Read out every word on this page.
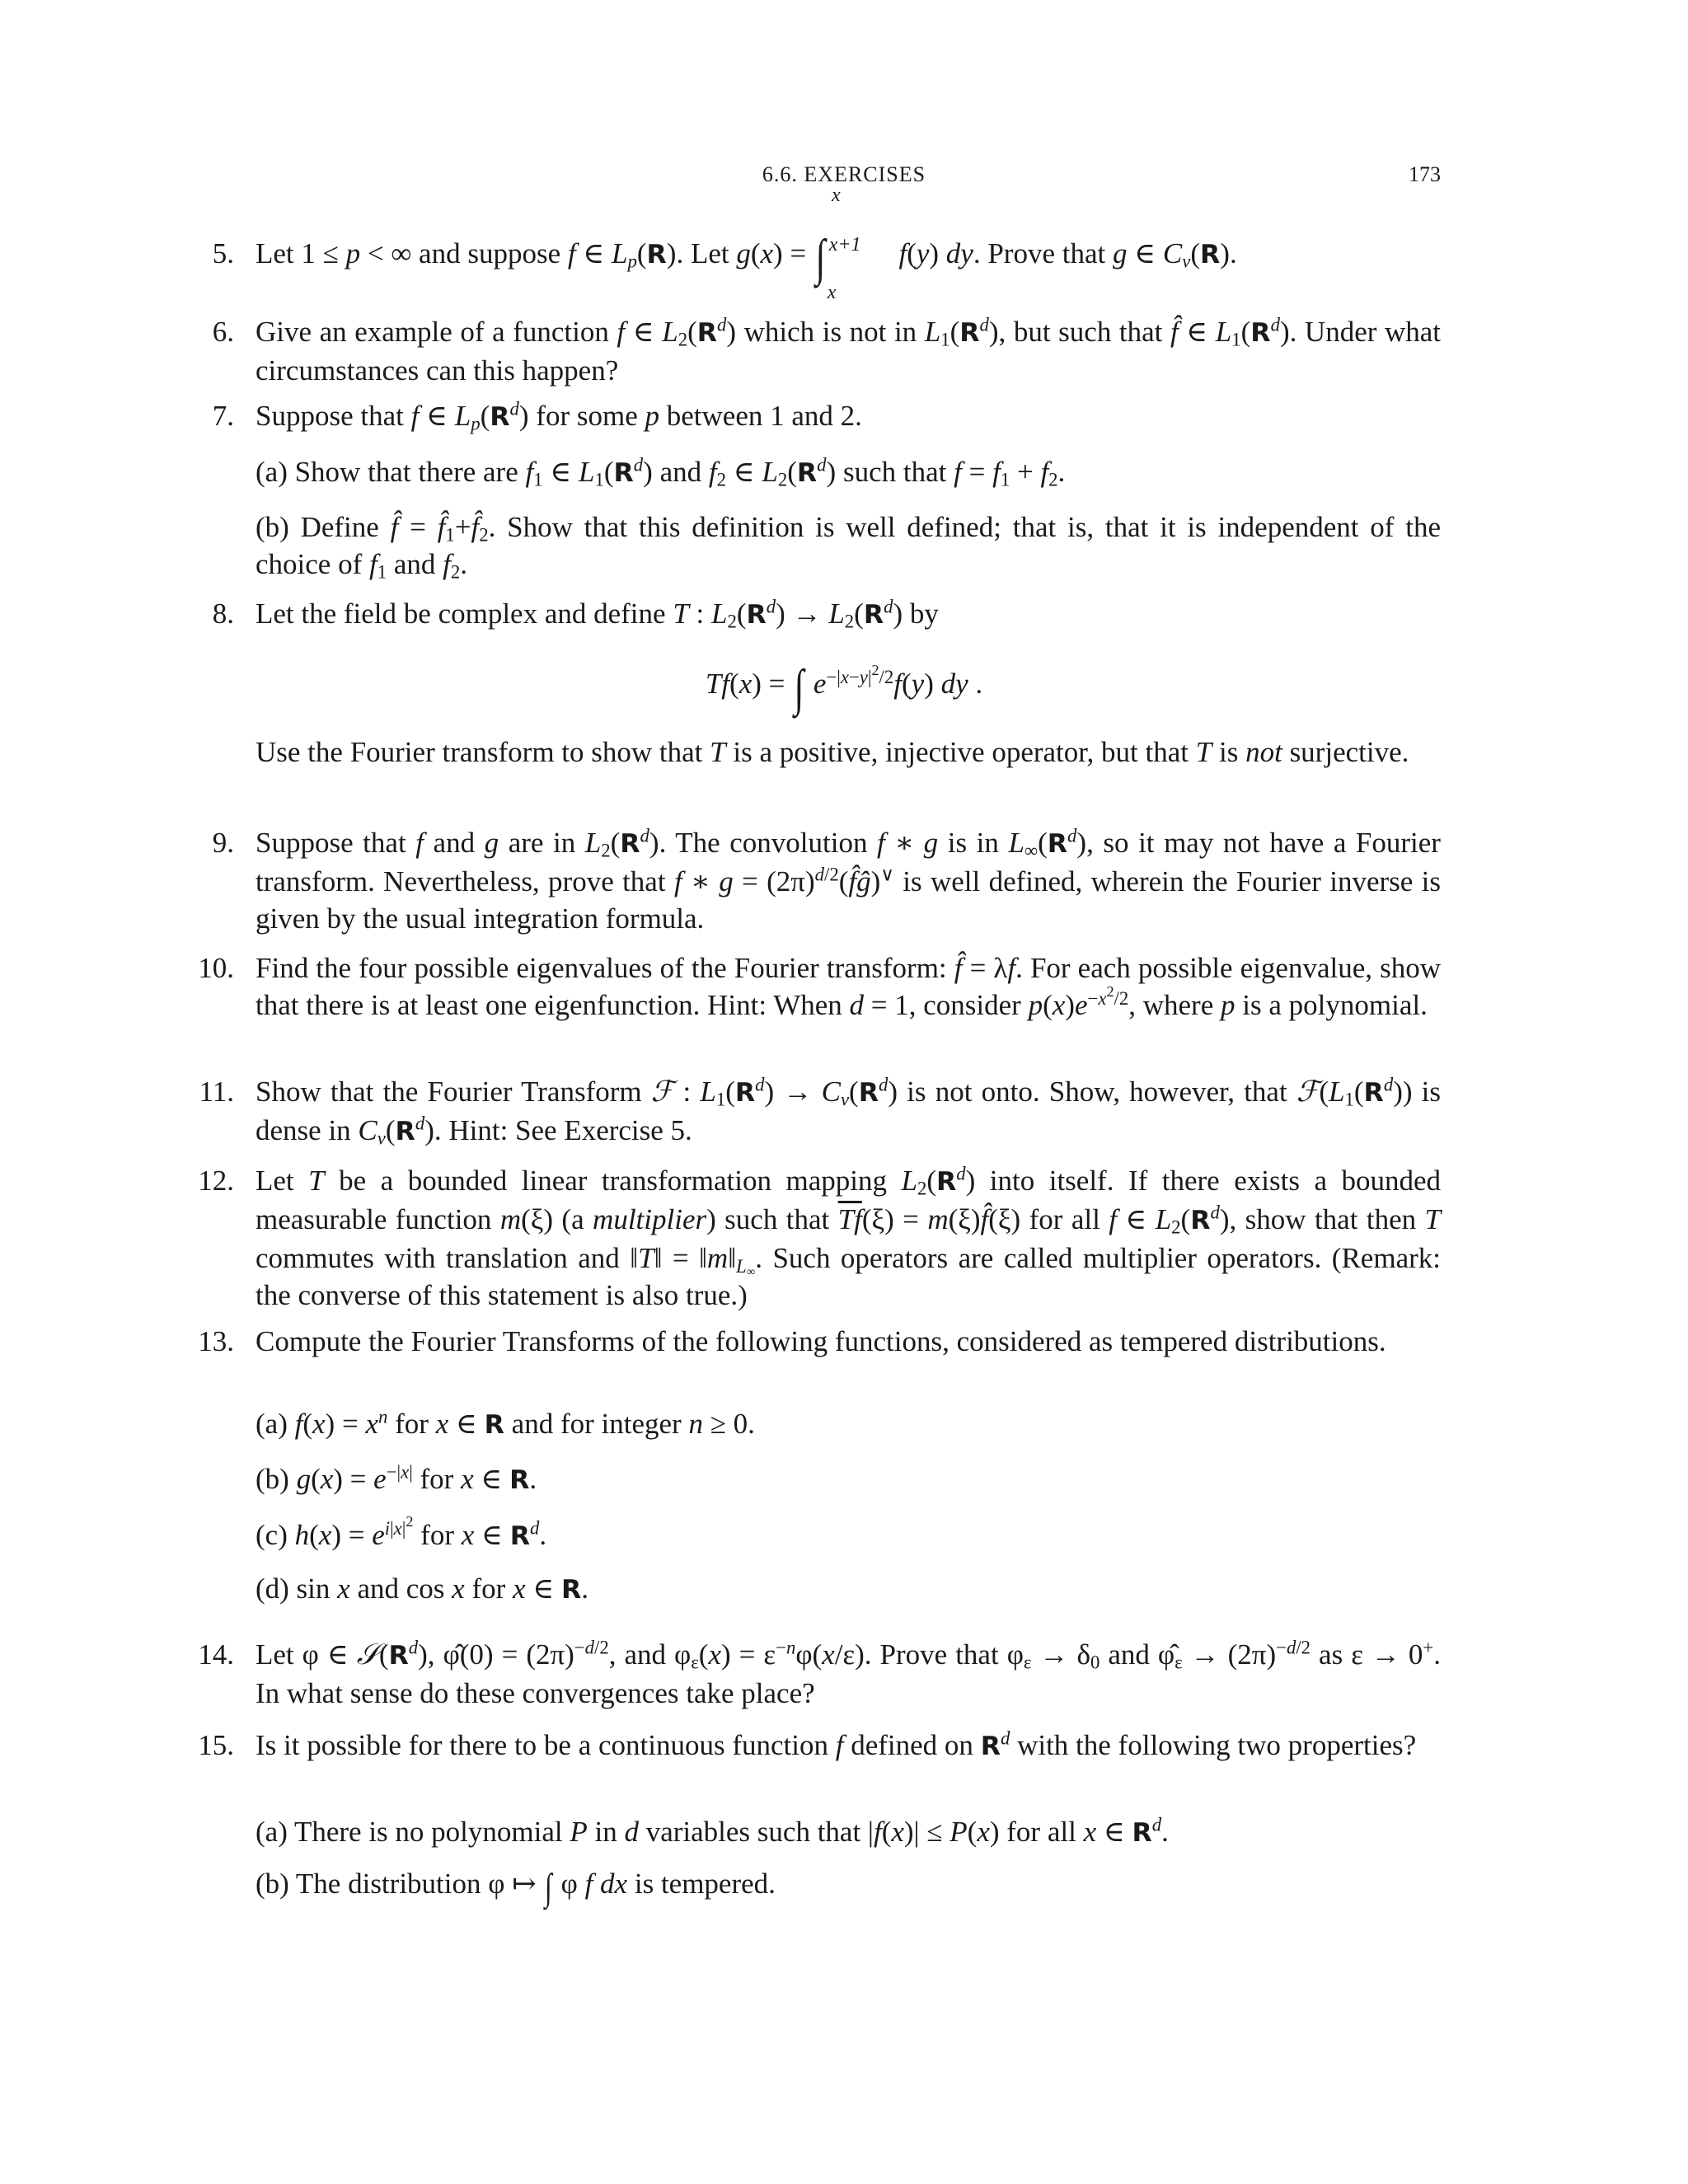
6.6. EXERCISES	173
5. Let 1 ≤ p < ∞ and suppose f ∈ $L_p(R)$. Let g(x) = ∫
x

x+1
x
f(y) dy. Prove that g ∈ $C_v(R)$.
6. Give an example of a function f ∈ $L_2(R^d)$ which is not in $L_1(R^d)$, but such that f̂ ∈ $L_1(R^d)$. Under what circumstances can this happen?

7. Suppose that f ∈ $L_p(R^d)$ for some p between 1 and 2.
(a) Show that there are $f_1$ ∈ $L_1(R^d)$ and $f_2$ ∈ $L_2(R^d)$ such that $f = f_1 + f_2$.
(b) Define f̂ = $f̂_1+f̂_2$. Show that this definition is well defined; that is, that it is independent of the choice of $f_1$ and $f_2$.
8. Let the field be complex and define T : $L_2(R^d) \to L_2(R^d)$ by
Tf(x) = ∫ $e^{-|x-y|^2/2}f(y)$ dy .
Use the Fourier transform to show that T is a positive, injective operator, but that T is not surjective.
9. Suppose that f and g are in $L_2(R^d)$. The convolution f ∗ g is in $L_\infty(R^d)$, so it may not have a Fourier transform. Nevertheless, prove that f ∗ $g = (2\pi)^{d/2}(f̂ĝ)^\vee$ is well defined, wherein the Fourier inverse is given by the usual integration formula.

10. Find the four possible eigenvalues of the Fourier transform: f̂ = λf. For each possible eigenvalue, show that there is at least one eigenfunction. Hint: When d = 1, consider $p(x)e^{-x^2/2}$, where p is a polynomial.

11. Show that the Fourier Transform ℱ : $L_1(R^d) \to C_v(R^d)$ is not onto. Show, however, that $ℱ(L_1(R^d))$ is dense in $C_v(R^d)$. Hint: See Exercise 5.

12. Let T be a bounded linear transformation mapping $L_2(R^d)$ into itself. If there exists a bounded measurable function m(ξ) (a multiplier) such that $\overline{Tf}(\xi)$ = m(ξ)f̂(ξ) for all f ∈ $L_2(R^d)$, show that then T commutes with translation and ‖T‖ = $‖m‖_{L_\infty}$. Such operators are called multiplier operators. (Remark: the converse of this statement is also true.)

13. Compute the Fourier Transforms of the following functions, considered as tempered distributions.

(a) $f(x) = x^n$ for x ∈ R and for integer n ≥ 0.
(b) $g(x) = e^{-|x|}$ for x ∈ R.
(c) $h(x) = e^{i|x|^2}$ for x ∈ $R^d$.
(d) sin x and cos x for x ∈ R.
14. Let φ ∈ $𝒮(R^d)$, φ̂(0) = $(2\pi)^{-d/2}$, and $\varphi_\varepsilon(x) = \varepsilon^{-n}\varphi(x/\varepsilon)$. Prove that $\varphi_\varepsilon \to \delta_0$ and $\varphî_\varepsilon \to (2\pi)^{-d/2}$ as ε → 0+. In what sense do these convergences take place?

15. Is it possible for there to be a continuous function f defined on $R^d$ with the following two properties?

(a) There is no polynomial P in d variables such that |f(x)| ≤ P(x) for all x ∈ $R^d$.
(b) The distribution φ ↦ ∫ φ f dx is tempered.
